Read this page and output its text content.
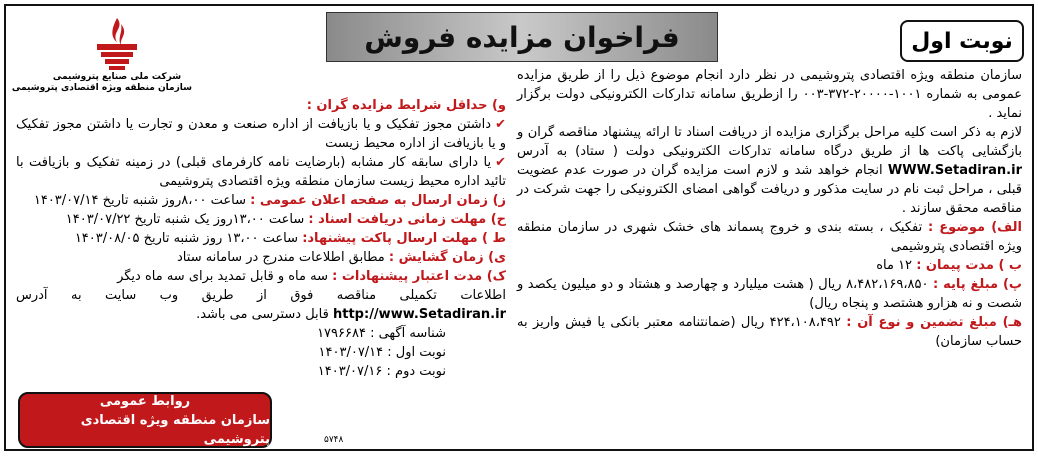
فراخوان مزایده فروش	نوبت اول
شرکت ملی صنایع پتروشیمی
سازمان منطقه ویژه اقتصادی پتروشیمی

سازمان منطقه ویژه اقتصادی پتروشیمی در نظر دارد انجام موضوع ذیل را از طریق مزایده عمومی به شماره ۱۰۰۱-۲۰۰۰۰-۳۷۲-۰۰۳ را ازطریق سامانه تدارکات الکترونیکی دولت برگزار نماید .

لازم به ذکر است کلیه مراحل برگزاری مزایده از دریافت اسناد تا ارائه پیشنهاد مناقصه گران و بازگشایی پاکت ها از طریق درگاه سامانه تدارکات الکترونیکی دولت ( ستاد) به آدرس WWW.Setadiran.ir انجام خواهد شد و لازم است مزایده گران در صورت عدم عضویت قبلی ، مراحل ثبت نام در سایت مذکور و دریافت گواهی امضای الکترونیکی را جهت شرکت در مناقصه محقق سازند .

الف) موضوع : تفکیک ، بسته بندی و خروج پسماند های خشک شهری در سازمان منطقه ویژه اقتصادی پتروشیمی

ب ) مدت پیمان : ۱۲ ماه

پ) مبلغ پایه : ۸،۴۸۲،۱۶۹،۸۵۰ ریال ( هشت میلیارد و چهارصد و هشتاد و دو میلیون یکصد و شصت و نه هزارو هشتصد و پنجاه ریال)

هـ) مبلغ تضمین و نوع آن : ۴۲۴،۱۰۸،۴۹۲ ریال (ضمانتنامه معتبر بانکی یا فیش واریز به حساب سازمان)

و) حداقل شرایط مزایده گران :

✔داشتن مجوز تفکیک و یا بازیافت از اداره صنعت و معدن و تجارت یا داشتن مجوز تفکیک و یا بازیافت از اداره محیط زیست

✔یا دارای سابقه کار مشابه (بارضایت نامه کارفرمای قبلی) در زمینه تفکیک و بازیافت با تائید اداره محیط زیست سازمان منطقه ویژه اقتصادی پتروشیمی

ز) زمان ارسال به صفحه اعلان عمومی : ساعت ۸،۰۰روز شنبه تاریخ ۱۴۰۳/۰۷/۱۴

ح) مهلت زمانی دریافت اسناد : ساعت ۱۳،۰۰روز یک شنبه تاریخ ۱۴۰۳/۰۷/۲۲

ط ) مهلت ارسال پاکت پیشنهاد: ساعت ۱۳،۰۰ روز شنبه تاریخ ۱۴۰۳/۰۸/۰۵

ی) زمان گشایش : مطابق اطلاعات مندرج در سامانه ستاد

ک) مدت اعتبار پیشنهادات : سه ماه و قابل تمدید برای سه ماه دیگر

اطلاعات تکمیلی مناقصه فوق از طریق وب سایت به آدرس http://www.Setadiran.ir قابل دسترسی می باشد.

شناسه آگهی : ۱۷۹۶۶۸۴
نوبت اول : ۱۴۰۳/۰۷/۱۴
نوبت دوم : ۱۴۰۳/۰۷/۱۶
روابط عمومی
سازمان منطقه ویژه اقتصادی پتروشیمی	۵۷۴۸
